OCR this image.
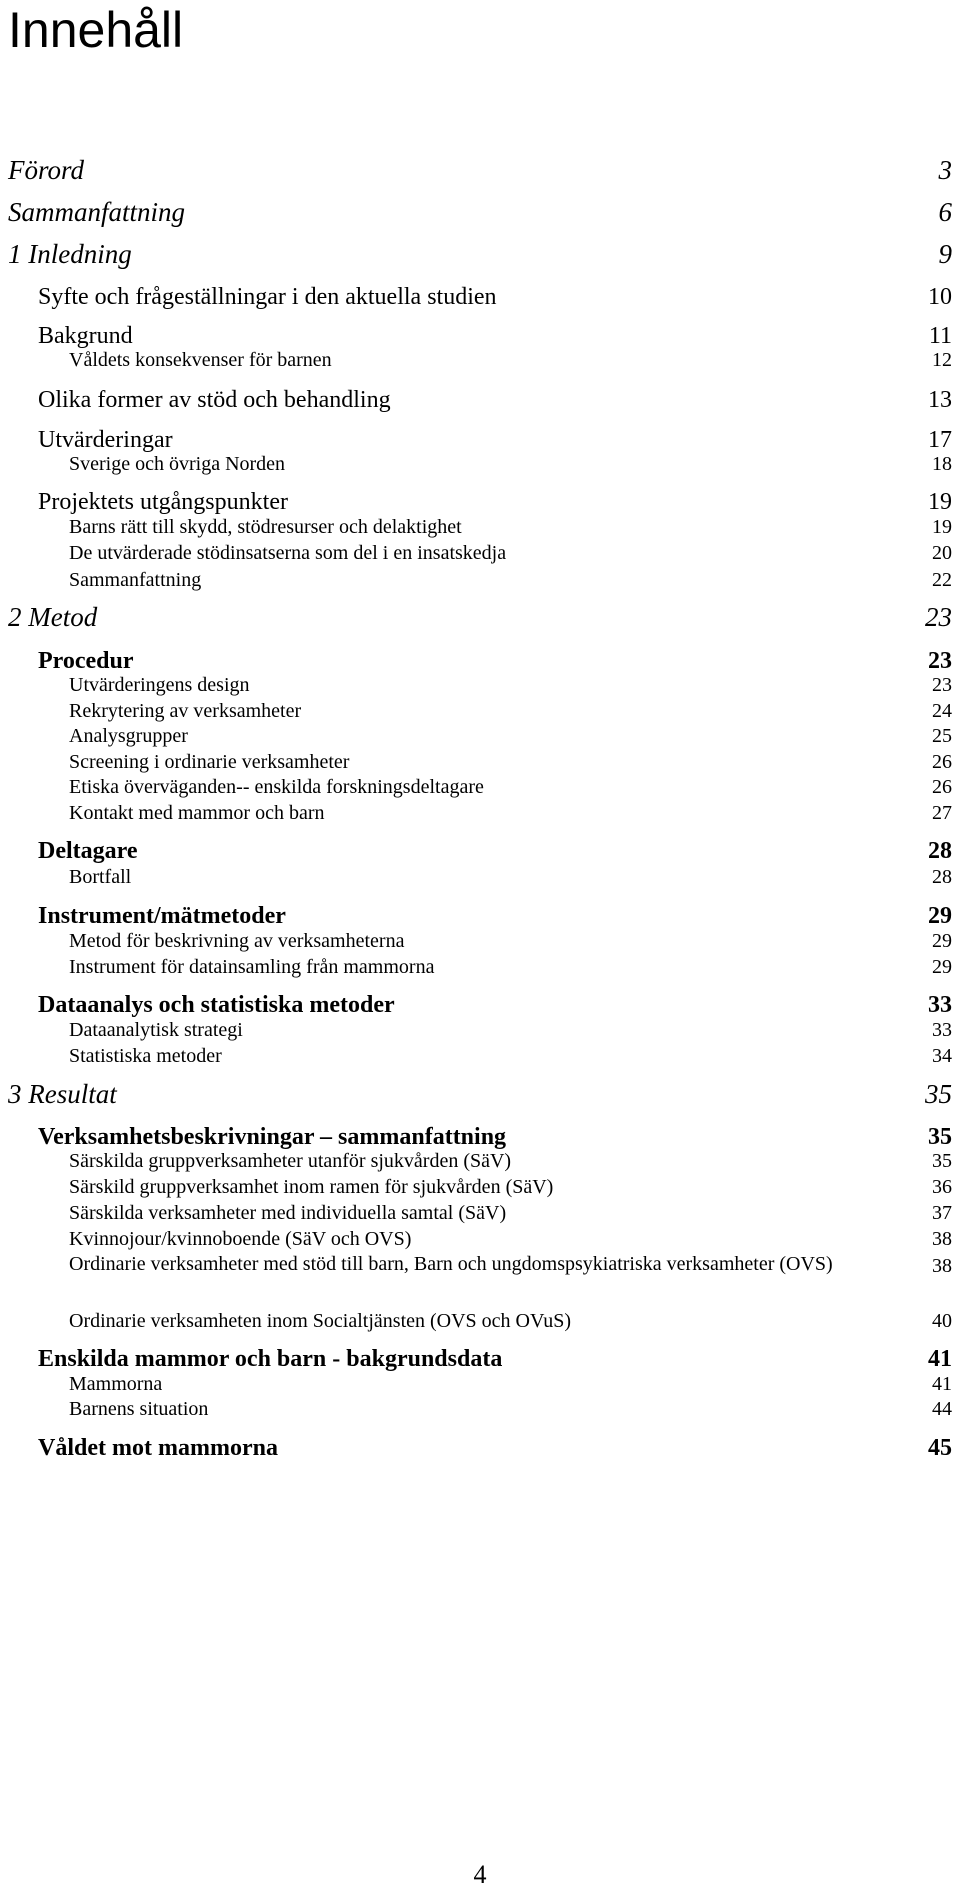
Innehåll
Förord	3
Sammanfattning	6
1 Inledning	9
Syfte och frågeställningar i den aktuella studien	10
Bakgrund	11
Våldets konsekvenser för barnen	12
Olika former av stöd och behandling	13
Utvärderingar	17
Sverige och övriga Norden	18
Projektets utgångspunkter	19
Barns rätt till skydd, stödresurser och delaktighet	19
De utvärderade stödinsatserna som del i en insatskedja	20
Sammanfattning	22
2 Metod	23
Procedur	23
Utvärderingens design	23
Rekrytering av verksamheter	24
Analysgrupper	25
Screening i ordinarie verksamheter	26
Etiska överväganden-- enskilda forskningsdeltagare	26
Kontakt med mammor och barn	27
Deltagare	28
Bortfall	28
Instrument/mätmetoder	29
Metod för beskrivning av verksamheterna	29
Instrument för datainsamling från mammorna	29
Dataanalys och statistiska metoder	33
Dataanalytisk strategi	33
Statistiska metoder	34
3 Resultat	35
Verksamhetsbeskrivningar – sammanfattning	35
Särskilda gruppverksamheter utanför sjukvården (SäV)	35
Särskild gruppverksamhet inom ramen för sjukvården (SäV)	36
Särskilda verksamheter med individuella samtal (SäV)	37
Kvinnojour/kvinnoboende (SäV och OVS)	38
Ordinarie verksamheter med stöd till barn, Barn och ungdomspsykiatriska verksamheter (OVS)	38
Ordinarie verksamheten inom Socialtjänsten (OVS och OVuS)	40
Enskilda mammor och barn - bakgrundsdata	41
Mammorna	41
Barnens situation	44
Våldet mot mammorna	45
4
